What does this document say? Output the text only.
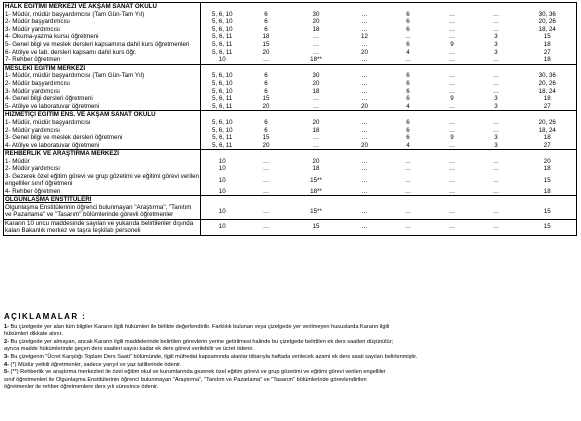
HALK EĞİTİMİ MERKEZİ VE AKŞAM SANAT OKULU								
1- Müdür, müdür başyardımcısı (Tam Gün-Tam Yıl)	5, 6, 10	6	30	…	6	…	…	30, 36
2- Müdür başyardımcısı	5, 6, 10	6	20	…	6	…	…	20, 26
3- Müdür yardımcısı	5, 6, 10	6	18	…	6	…	…	18, 24
4- Okuma-yazma kursu öğretmeni	5, 6, 11	18	…	12	…	…	3	15
5- Genel bilgi ve meslek dersleri kapsamına dahil kurs öğretmenleri	5, 6, 11	15	…	…	6	9	3	18
6- Atölye ve lab. dersleri kapsamı dahil kurs öğr.	5, 6, 11	20	…	20	4	…	3	27
7- Rehber öğretmen	10	…	18**	…	…	…	…	18
MESLEKİ EĞİTİM MERKEZİ								
1- Müdür, müdür başyardımcısı (Tam Gün-Tam Yıl)	5, 6, 10	6	30	…	6	…	…	30, 36
2- Müdür başyardımcısı	5, 6, 10	6	20	…	6	…	…	20, 26
3- Müdür yardımcısı	5, 6, 10	6	18	…	6	…	…	18, 24
4- Genel bilgi dersleri öğretmeni	5, 6, 11	15	…	…	6	9	3	18
5- Atölye ve laboratuvar öğretmeni	5, 6, 11	20	…	20	4	…	3	27
HİZMETİÇİ EĞİTİM ENS. VE AKŞAM SANAT OKULU								
1- Müdür, müdür başyardımcısı	5, 6, 10	6	20	…	6	…	…	20, 26
2- Müdür yardımcısı	5, 6, 10	6	18	…	6	…	…	18, 24
3- Genel bilgi ve meslek dersleri öğretmeni	5, 6, 11	15	…	…	6	9	3	18
4- Atölye ve laboratuvar öğretmeni	5, 6, 11	20	…	20	4	…	3	27
REHBERLİK VE ARAŞTIRMA MERKEZİ								
1- Müdür	10	…	20	…	…	…	…	20
2- Müdür yardımcısı	10	…	18	…	…	…	…	18
3- Gezerek özel eğitim görevi ve grup gözetimi ve eğitimi görevi verilen engelliler sınıf öğretmeni	10	…	15**	…	…	…	…	15
4- Rehber öğretmen	10	…	18**	…	…	…	…	18
OLGUNLAŞMA ENSTİTÜLERİ								
Olgunlaşma Enstitülerinin öğrenci bulunmayan "Araştırma", "Tanıtım ve Pazarlama" ve "Tasarım" bölümlerinde görevli öğretmenler	10	…	15**	…	…	…	…	15
Kararın 10 uncu maddesinde sayılan ve yukarıda belirtilenler dışında kalan Bakanlık merkez ve taşra teşkilatı personeli	10	…	15	…	…	…	…	15
AÇIKLAMALAR :
1- Bu çizelgede yer alan tüm bilgiler Kararın ilgili hükümleri ile birlikte değerlendirilir. Farklılık bulunan veya çizelgede yer verilmeyen hususlarda Kararın ilgili
hükümleri dikkate alınır.
2- Bu çizelgede yer almayan, ancak Kararın ilgili maddelerinde belirtilen görevlerin yerine getirilmesi halinde bu çizelgede belirtilen ek ders saatleri düşünülür;
ayrıca madde hükümlerinde geçen ders saatleri sayısı kadar ek ders görevi verilebilir ve ücret ödenir.
3- Bu çizelgenin "Ücret Karşılığı Toplam Ders Saati" bölümünde, ilgili müfredat kapsamında alanlar itibarıyla haftada verilecek azami ek ders saati sayıları belirlenmiştir.
4- (*) Müdür yetkili öğretmenler, sadece yarıyıl ve yaz tatillerinde ödenir.
5- (**) Rehberlik ve araştırma merkezleri ile özel eğitim okul ve kurumlarında gezerek özel eğitim görevi ve grup gözetimi ve eğitimi görevi verilen engelliler
sınıf öğretmenleri ile Olgunlaşma Enstitülerinin öğrenci bulunmayan "Araştırma", "Tanıtım ve Pazarlama" ve "Tasarım" bölümlerinde görevlendirilen
öğretmenler ile rehber öğretmenlere ders yılı süresince ödenir.
